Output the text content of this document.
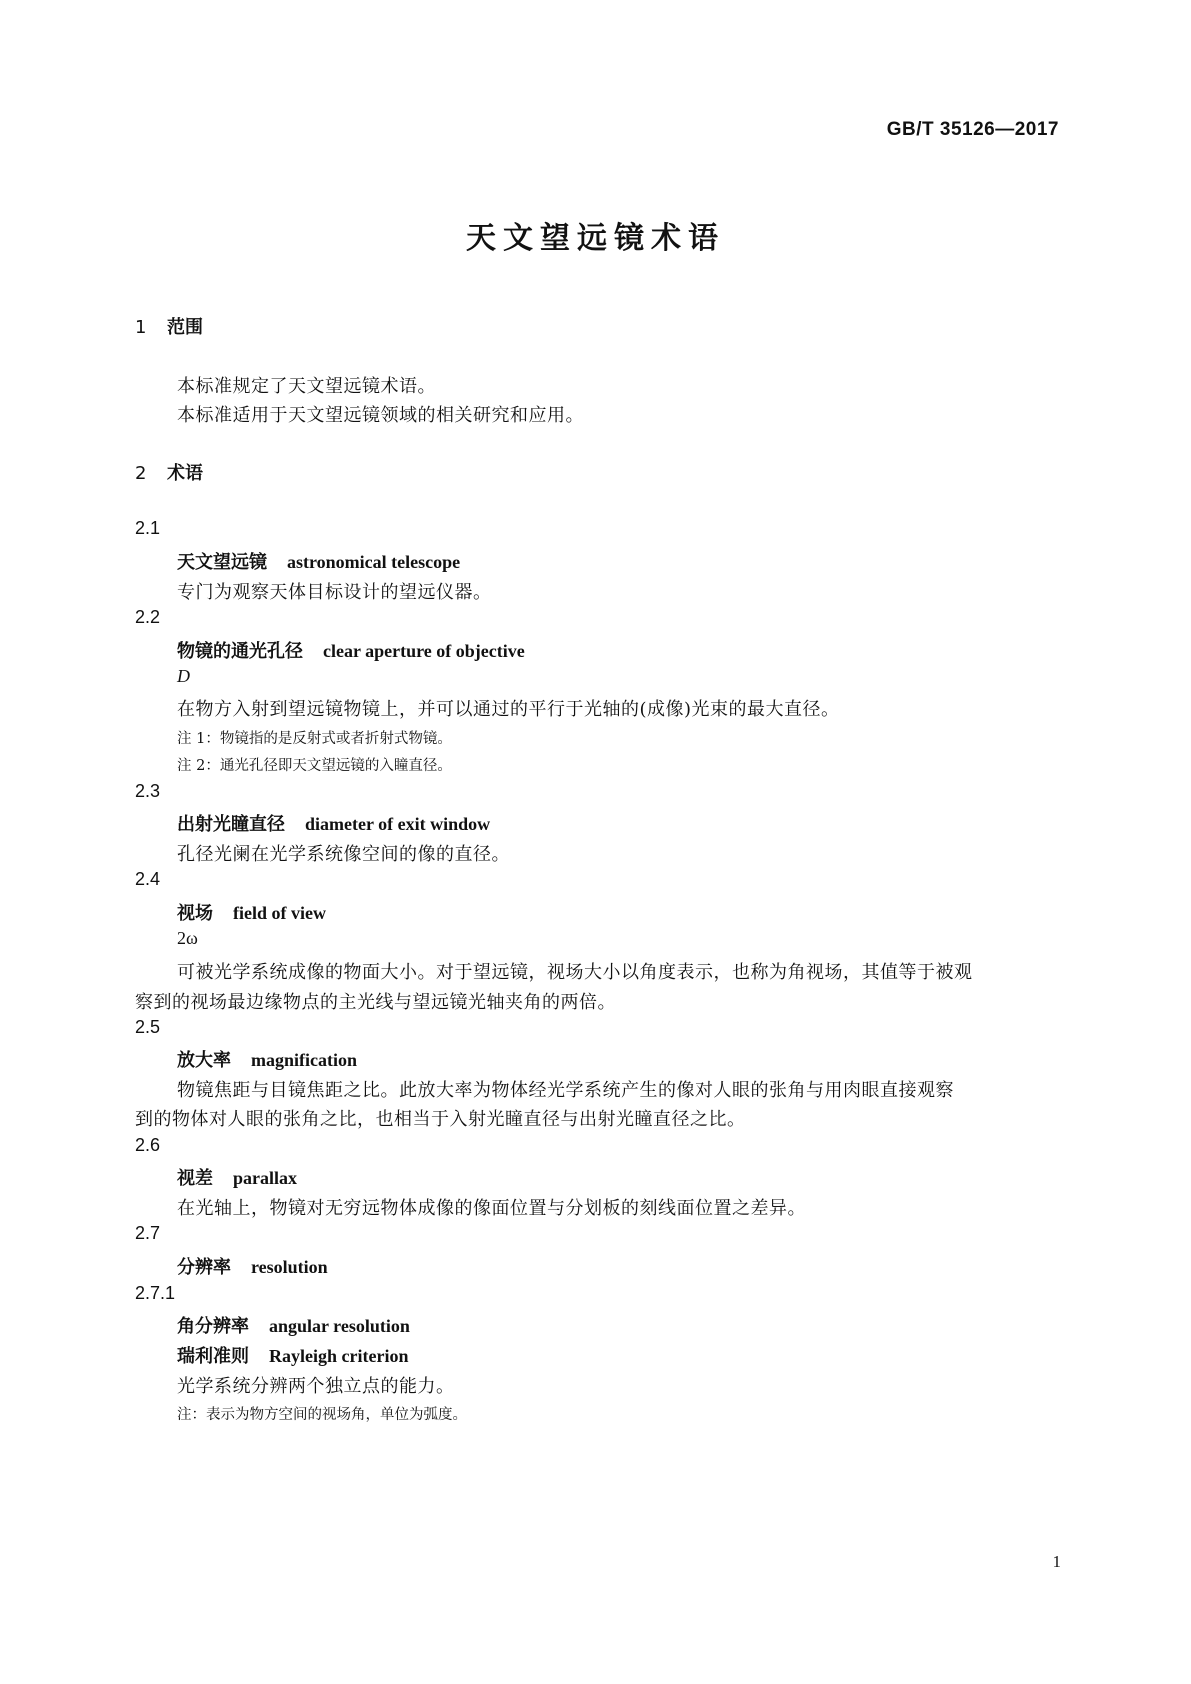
GB/T 35126—2017
天文望远镜术语
1 范围
本标准规定了天文望远镜术语。
本标准适用于天文望远镜领域的相关研究和应用。
2 术语
2.1
天文望远镜 astronomical telescope
专门为观察天体目标设计的望远仪器。
2.2
物镜的通光孔径 clear aperture of objective
D
在物方入射到望远镜物镜上，并可以通过的平行于光轴的(成像)光束的最大直径。
注 1：物镜指的是反射式或者折射式物镜。
注 2：通光孔径即天文望远镜的入瞳直径。
2.3
出射光瞳直径 diameter of exit window
孔径光阑在光学系统像空间的像的直径。
2.4
视场 field of view
2ω
可被光学系统成像的物面大小。对于望远镜，视场大小以角度表示，也称为角视场，其值等于被观
察到的视场最边缘物点的主光线与望远镜光轴夹角的两倍。
2.5
放大率 magnification
物镜焦距与目镜焦距之比。此放大率为物体经光学系统产生的像对人眼的张角与用肉眼直接观察
到的物体对人眼的张角之比，也相当于入射光瞳直径与出射光瞳直径之比。
2.6
视差 parallax
在光轴上，物镜对无穷远物体成像的像面位置与分划板的刻线面位置之差异。
2.7
分辨率 resolution
2.7.1
角分辨率 angular resolution
瑞利准则 Rayleigh criterion
光学系统分辨两个独立点的能力。
注：表示为物方空间的视场角，单位为弧度。
1
